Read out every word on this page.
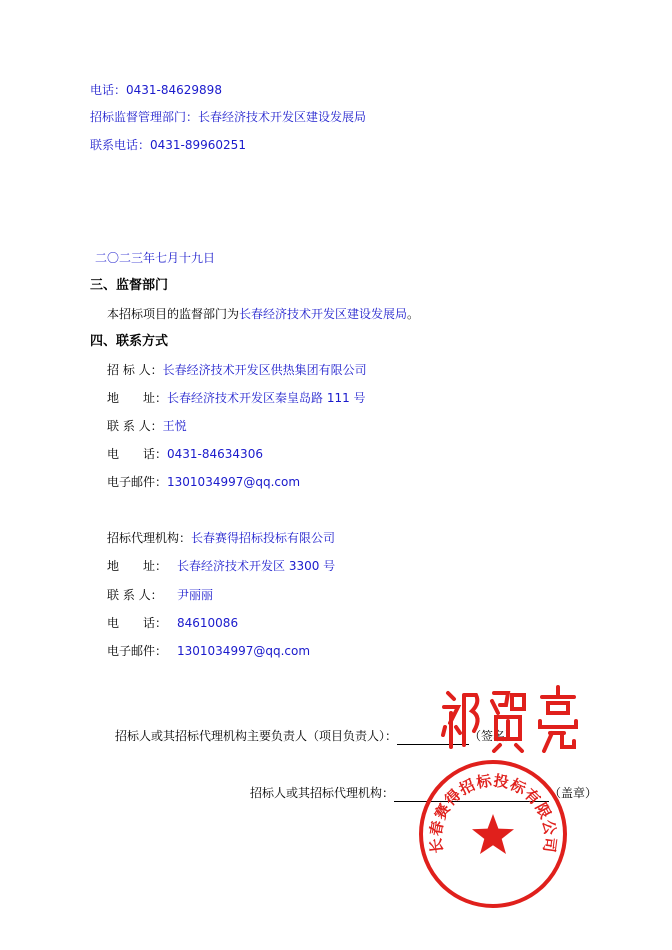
电话：0431-84629898
招标监督管理部门：长春经济技术开发区建设发展局
联系电话：0431-89960251
二〇二三年七月十九日
三、监督部门
本招标项目的监督部门为长春经济技术开发区建设发展局。
四、联系方式
招 标 人：长春经济技术开发区供热集团有限公司
地　　址：长春经济技术开发区秦皇岛路 111 号
联 系 人：王悦
电　　话：0431-84634306
电子邮件：1301034997@qq.com
招标代理机构：长春赛得招标投标有限公司
地　　址： 长春经济技术开发区 3300 号
联 系 人： 尹丽丽
电　　话： 84610086
电子邮件： 1301034997@qq.com
招标人或其招标代理机构主要负责人（项目负责人）：	（签名）
招标人或其招标代理机构：	（盖章）
长春赛得招标投标有限公司
